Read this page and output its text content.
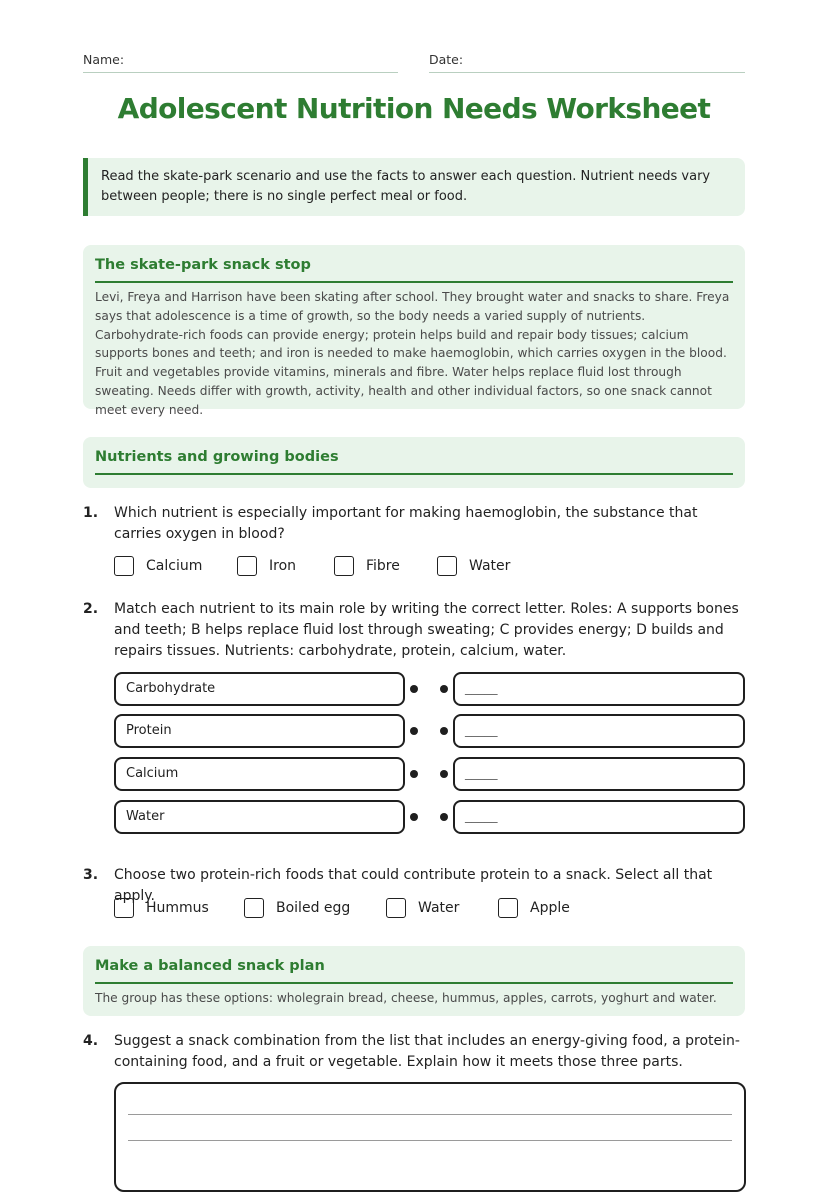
Name:	Date:
Adolescent Nutrition Needs Worksheet
Read the skate-park scenario and use the facts to answer each question. Nutrient needs vary between people; there is no single perfect meal or food.
The skate-park snack stop
Levi, Freya and Harrison have been skating after school. They brought water and snacks to share. Freya says that adolescence is a time of growth, so the body needs a varied supply of nutrients. Carbohydrate-rich foods can provide energy; protein helps build and repair body tissues; calcium supports bones and teeth; and iron is needed to make haemoglobin, which carries oxygen in the blood. Fruit and vegetables provide vitamins, minerals and fibre. Water helps replace fluid lost through sweating. Needs differ with growth, activity, health and other individual factors, so one snack cannot meet every need.
Nutrients and growing bodies
1. Which nutrient is especially important for making haemoglobin, the substance that carries oxygen in blood?
Calcium	Iron	Fibre	Water
2. Match each nutrient to its main role by writing the correct letter. Roles: A supports bones and teeth; B helps replace fluid lost through sweating; C provides energy; D builds and repairs tissues. Nutrients: carbohydrate, protein, calcium, water.
Carbohydrate	_____
Protein	_____
Calcium	_____
Water	_____
3. Choose two protein-rich foods that could contribute protein to a snack. Select all that apply.
Hummus	Boiled egg	Water	Apple
Make a balanced snack plan
The group has these options: wholegrain bread, cheese, hummus, apples, carrots, yoghurt and water.
4. Suggest a snack combination from the list that includes an energy-giving food, a protein-containing food, and a fruit or vegetable. Explain how it meets those three parts.
